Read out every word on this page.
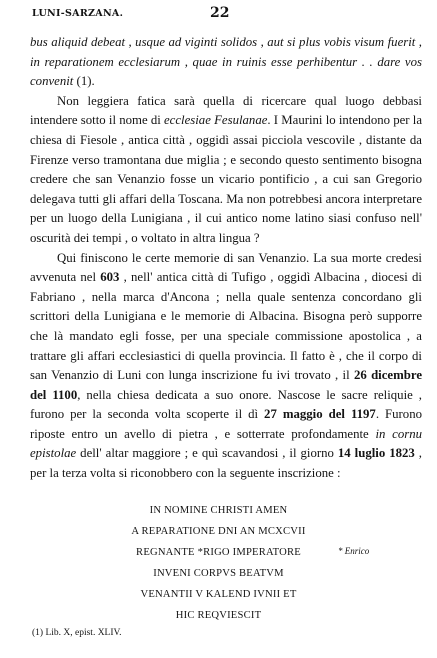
LUNI-SARZANA.	22

bus aliquid debeat , usque ad viginti solidos , aut si plus vobis visum fuerit , in reparationem ecclesiarum , quae in ruinis esse perhibentur . . dare vos convenit (1).

Non leggiera fatica sarà quella di ricercare qual luogo debbasi intendere sotto il nome di ecclesiae Fesulanae. I Maurini lo intendono per la chiesa di Fiesole , antica città , oggidì assai picciola vescovile , distante da Firenze verso tramontana due miglia ; e secondo questo sentimento bisogna credere che san Venanzio fosse un vicario pontificio , a cui san Gregorio delegava tutti gli affari della Toscana. Ma non potrebbesi ancora interpretare per un luogo della Lunigiana , il cui antico nome latino siasi confuso nell' oscurità dei tempi , o voltato in altra lingua ?

Qui finiscono le certe memorie di san Venanzio. La sua morte credesi avvenuta nel 603 , nell' antica città di Tufigo , oggidì Albacina , diocesi di Fabriano , nella marca d'Ancona ; nella quale sentenza concordano gli scrittori della Lunigiana e le memorie di Albacina. Bisogna però supporre che là mandato egli fosse, per una speciale commissione apostolica , a trattare gli affari ecclesiastici di quella provincia. Il fatto è , che il corpo di san Venanzio di Luni con lunga inscrizione fu ivi trovato , il 26 dicembre del 1100, nella chiesa dedicata a suo onore. Nascose le sacre reliquie , furono per la seconda volta scoperte il dì 27 maggio del 1197. Furono riposte entro un avello di pietra , e sotterrate profondamente in cornu epistolae dell' altar maggiore ; e quì scavandosi , il giorno 14 luglio 1823 , per la terza volta si riconobbero con la seguente inscrizione :

IN NOMINE CHRISTI AMEN
A REPARATIONE DNI AN MCXCVII
REGNANTE *RIGO IMPERATORE
INVENI CORPVS BEATVM
VENANTII V KALEND IVNII ET
HIC REQVIESCIT
* Enrico
(1) Lib. X, epist. XLIV.
